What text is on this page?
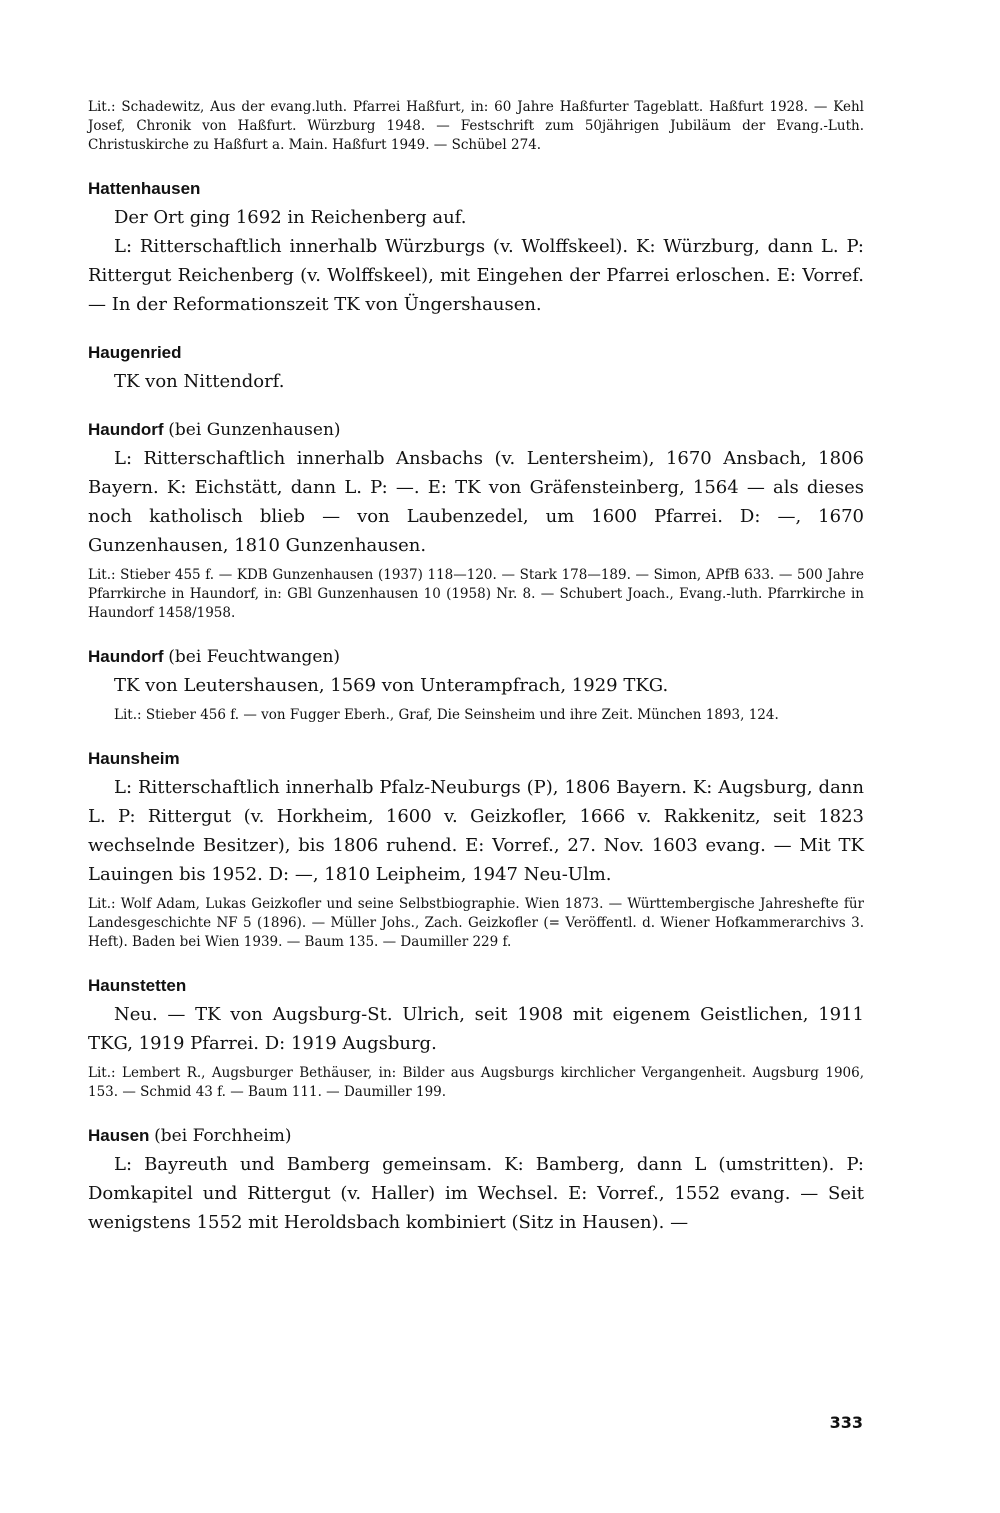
Lit.: Schadewitz, Aus der evang.luth. Pfarrei Haßfurt, in: 60 Jahre Haßfurter Tageblatt. Haßfurt 1928. — Kehl Josef, Chronik von Haßfurt. Würzburg 1948. — Festschrift zum 50jährigen Jubiläum der Evang.-Luth. Christuskirche zu Haßfurt a. Main. Haßfurt 1949. — Schübel 274.

Hattenhausen

Der Ort ging 1692 in Reichenberg auf.

L: Ritterschaftlich innerhalb Würzburgs (v. Wolffskeel). K: Würzburg, dann L. P: Rittergut Reichenberg (v. Wolffskeel), mit Eingehen der Pfarrei erloschen. E: Vorref. — In der Reformationszeit TK von Üngershausen.

Haugenried

TK von Nittendorf.

Haundorf (bei Gunzenhausen)

L: Ritterschaftlich innerhalb Ansbachs (v. Lentersheim), 1670 Ansbach, 1806 Bayern. K: Eichstätt, dann L. P: —. E: TK von Gräfensteinberg, 1564 — als dieses noch katholisch blieb — von Laubenzedel, um 1600 Pfarrei. D: —, 1670 Gunzenhausen, 1810 Gunzenhausen.

Lit.: Stieber 455 f. — KDB Gunzenhausen (1937) 118—120. — Stark 178—189. — Simon, APfB 633. — 500 Jahre Pfarrkirche in Haundorf, in: GBl Gunzenhausen 10 (1958) Nr. 8. — Schubert Joach., Evang.-luth. Pfarrkirche in Haundorf 1458/1958.

Haundorf (bei Feuchtwangen)

TK von Leutershausen, 1569 von Unterampfrach, 1929 TKG.

Lit.: Stieber 456 f. — von Fugger Eberh., Graf, Die Seinsheim und ihre Zeit. München 1893, 124.

Haunsheim

L: Ritterschaftlich innerhalb Pfalz-Neuburgs (P), 1806 Bayern. K: Augsburg, dann L. P: Rittergut (v. Horkheim, 1600 v. Geizkofler, 1666 v. Rakkenitz, seit 1823 wechselnde Besitzer), bis 1806 ruhend. E: Vorref., 27. Nov. 1603 evang. — Mit TK Lauingen bis 1952. D: —, 1810 Leipheim, 1947 Neu-Ulm.

Lit.: Wolf Adam, Lukas Geizkofler und seine Selbstbiographie. Wien 1873. — Württembergische Jahreshefte für Landesgeschichte NF 5 (1896). — Müller Johs., Zach. Geizkofler (= Veröffentl. d. Wiener Hofkammerarchivs 3. Heft). Baden bei Wien 1939. — Baum 135. — Daumiller 229 f.

Haunstetten

Neu. — TK von Augsburg-St. Ulrich, seit 1908 mit eigenem Geistlichen, 1911 TKG, 1919 Pfarrei. D: 1919 Augsburg.

Lit.: Lembert R., Augsburger Bethäuser, in: Bilder aus Augsburgs kirchlicher Vergangenheit. Augsburg 1906, 153. — Schmid 43 f. — Baum 111. — Daumiller 199.

Hausen (bei Forchheim)

L: Bayreuth und Bamberg gemeinsam. K: Bamberg, dann L (umstritten). P: Domkapitel und Rittergut (v. Haller) im Wechsel. E: Vorref., 1552 evang. — Seit wenigstens 1552 mit Heroldsbach kombiniert (Sitz in Hausen). —

333
